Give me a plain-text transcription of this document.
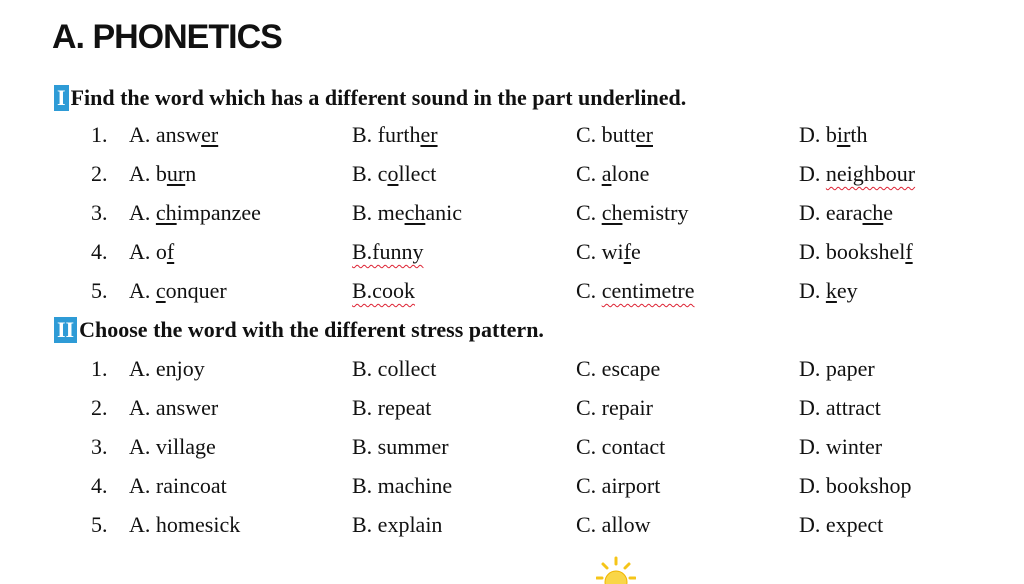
A. PHONETICS
I Find the word which has a different sound in the part underlined.
1. A. answer	B. further	C. butter	D. birth
2. A. burn	B. collect	C. alone	D. neighbour
3. A. chimpanzee	B. mechanic	C. chemistry	D. earache
4. A. of	B.funny	C. wife	D. bookshelf
5. A. conquer	B.cook	C. centimetre	D. key
II Choose the word with the different stress pattern.
1. A. enjoy	B. collect	C. escape	D. paper
2. A. answer	B. repeat	C. repair	D. attract
3. A. village	B. summer	C. contact	D. winter
4. A. raincoat	B. machine	C. airport	D. bookshop
5. A. homesick	B. explain	C. allow	D. expect
